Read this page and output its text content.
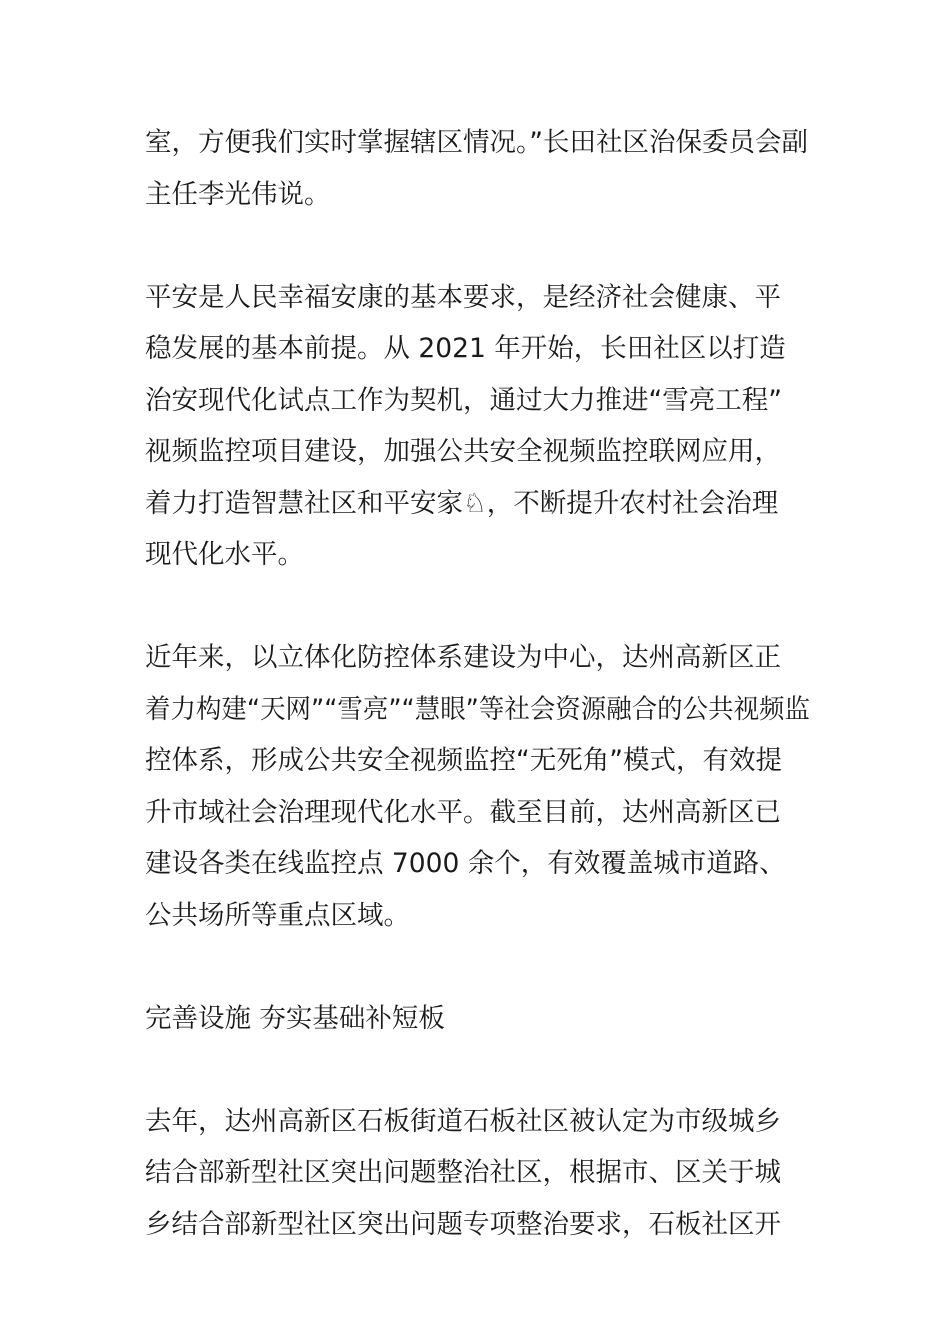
室，方便我们实时掌握辖区情况。”长田社区治保委员会副
主任李光伟说。

平安是人民幸福安康的基本要求，是经济社会健康、平
稳发展的基本前提。从 2021 年开始，长田社区以打造
治安现代化试点工作为契机，通过大力推进“雪亮工程”
视频监控项目建设，加强公共安全视频监控联网应用，
着力打造智慧社区和平安家♘，不断提升农村社会治理
现代化水平。

近年来，以立体化防控体系建设为中心，达州高新区正
着力构建“天网”“雪亮”“慧眼”等社会资源融合的公共视频监
控体系，形成公共安全视频监控“无死角”模式，有效提
升市域社会治理现代化水平。截至目前，达州高新区已
建设各类在线监控点 7000 余个，有效覆盖城市道路、
公共场所等重点区域。

完善设施 夯实基础补短板

去年，达州高新区石板街道石板社区被认定为市级城乡
结合部新型社区突出问题整治社区，根据市、区关于城
乡结合部新型社区突出问题专项整治要求，石板社区开
